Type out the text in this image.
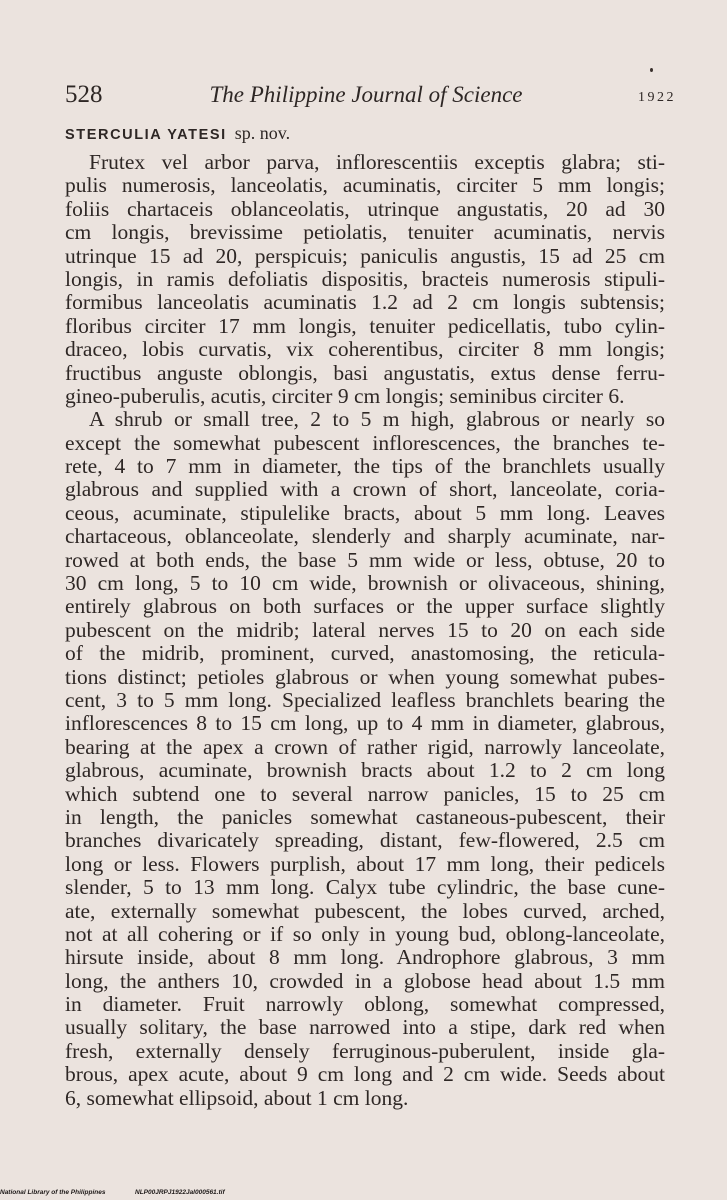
528	The Philippine Journal of Science	1922
STERCULIA YATESI sp. nov.
Frutex vel arbor parva, inflorescentiis exceptis glabra; sti-
pulis numerosis, lanceolatis, acuminatis, circiter 5 mm longis;
foliis chartaceis oblanceolatis, utrinque angustatis, 20 ad 30
cm longis, brevissime petiolatis, tenuiter acuminatis, nervis
utrinque 15 ad 20, perspicuis; paniculis angustis, 15 ad 25 cm
longis, in ramis defoliatis dispositis, bracteis numerosis stipuli-
formibus lanceolatis acuminatis 1.2 ad 2 cm longis subtensis;
floribus circiter 17 mm longis, tenuiter pedicellatis, tubo cylin-
draceo, lobis curvatis, vix coherentibus, circiter 8 mm longis;
fructibus anguste oblongis, basi angustatis, extus dense ferru-
gineo-puberulis, acutis, circiter 9 cm longis; seminibus circiter 6.
A shrub or small tree, 2 to 5 m high, glabrous or nearly so
except the somewhat pubescent inflorescences, the branches te-
rete, 4 to 7 mm in diameter, the tips of the branchlets usually
glabrous and supplied with a crown of short, lanceolate, coria-
ceous, acuminate, stipulelike bracts, about 5 mm long. Leaves
chartaceous, oblanceolate, slenderly and sharply acuminate, nar-
rowed at both ends, the base 5 mm wide or less, obtuse, 20 to
30 cm long, 5 to 10 cm wide, brownish or olivaceous, shining,
entirely glabrous on both surfaces or the upper surface slightly
pubescent on the midrib; lateral nerves 15 to 20 on each side
of the midrib, prominent, curved, anastomosing, the reticula-
tions distinct; petioles glabrous or when young somewhat pubes-
cent, 3 to 5 mm long. Specialized leafless branchlets bearing the
inflorescences 8 to 15 cm long, up to 4 mm in diameter, glabrous,
bearing at the apex a crown of rather rigid, narrowly lanceolate,
glabrous, acuminate, brownish bracts about 1.2 to 2 cm long
which subtend one to several narrow panicles, 15 to 25 cm
in length, the panicles somewhat castaneous-pubescent, their
branches divaricately spreading, distant, few-flowered, 2.5 cm
long or less. Flowers purplish, about 17 mm long, their pedicels
slender, 5 to 13 mm long. Calyx tube cylindric, the base cune-
ate, externally somewhat pubescent, the lobes curved, arched,
not at all cohering or if so only in young bud, oblong-lanceolate,
hirsute inside, about 8 mm long. Androphore glabrous, 3 mm
long, the anthers 10, crowded in a globose head about 1.5 mm
in diameter. Fruit narrowly oblong, somewhat compressed,
usually solitary, the base narrowed into a stipe, dark red when
fresh, externally densely ferruginous-puberulent, inside gla-
brous, apex acute, about 9 cm long and 2 cm wide. Seeds about
6, somewhat ellipsoid, about 1 cm long.
National Library of the Philippines	NLP00JRPJ1922Jal000561.tif
